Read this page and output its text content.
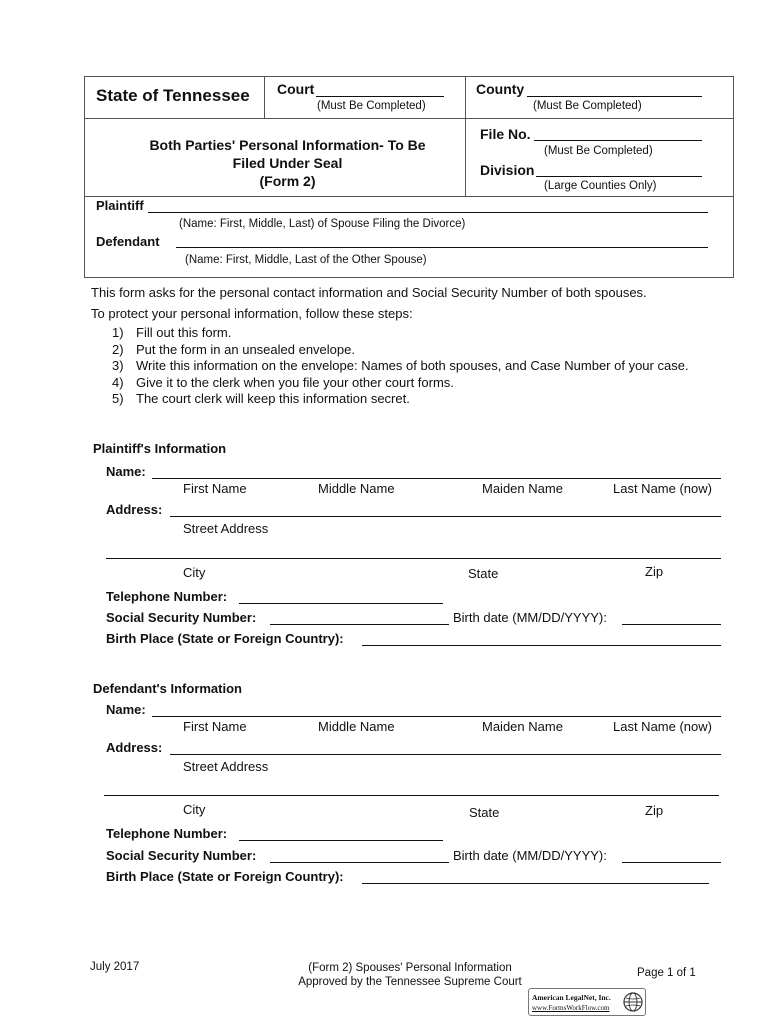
State of Tennessee Court
(Must Be Completed)
County
(Must Be Completed)
Both Parties' Personal Information- To Be
Filed Under Seal
(Form 2)
File No.
(Must Be Completed)
Division
(Large Counties Only)
Plaintiff
(Name: First, Middle, Last) of Spouse Filing the Divorce)
Defendant
(Name: First, Middle, Last of the Other Spouse)
This form asks for the personal contact information and Social Security Number of both spouses.
To protect your personal information, follow these steps:
1) Fill out this form.
2) Put the form in an unsealed envelope.
3) Write this information on the envelope: Names of both spouses, and Case Number of your case.
4) Give it to the clerk when you file your other court forms.
5) The court clerk will keep this information secret.
Plaintiff's Information
Name:
First Name	Middle Name	Maiden Name	Last Name (now)
Address:
Street Address
City	State	Zip
Telephone Number:
Social Security Number:	Birth date (MM/DD/YYYY):
Birth Place (State or Foreign Country):
Defendant's Information
Name:
First Name	Middle Name	Maiden Name	Last Name (now)
Address:
Street Address
City	State	Zip
Telephone Number:
Social Security Number:	Birth date (MM/DD/YYYY):
Birth Place (State or Foreign Country):
July 2017	(Form 2) Spouses' Personal Information
Approved by the Tennessee Supreme Court
Page 1 of 1
American LegalNet, Inc.
www.FormsWorkFlow.com
